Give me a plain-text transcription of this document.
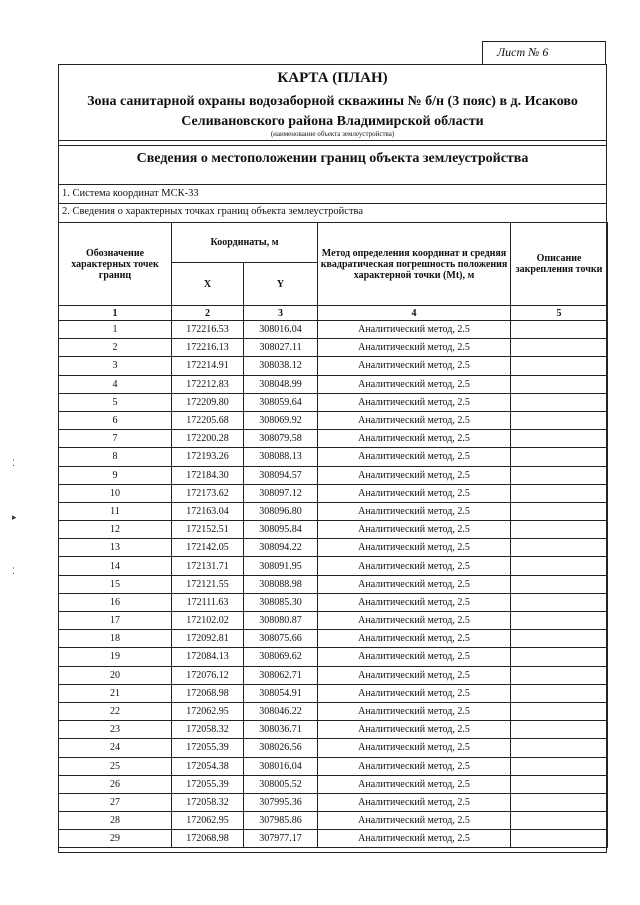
Лист № 6
КАРТА (ПЛАН)
Зона санитарной охраны водозаборной скважины № б/н (3 пояс) в д. Исаково
Селивановского района Владимирской области
(наименование объекта землеустройства)
Сведения о местоположении границ объекта землеустройства
1. Система координат МСК-33
2. Сведения о характерных точках границ объекта землеустройства
Обозначение характерных точек границ	Координаты, м		Метод определения координат и средняя квадратическая погрешность положения характерной точки (Mt), м	Описание закрепления точки
	X	Y		
1	2	3	4	5
1	172216.53	308016.04	Аналитический метод, 2.5	
2	172216.13	308027.11	Аналитический метод, 2.5	
3	172214.91	308038.12	Аналитический метод, 2.5	
4	172212.83	308048.99	Аналитический метод, 2.5	
5	172209.80	308059.64	Аналитический метод, 2.5	
6	172205.68	308069.92	Аналитический метод, 2.5	
7	172200.28	308079.58	Аналитический метод, 2.5	
8	172193.26	308088.13	Аналитический метод, 2.5	
9	172184.30	308094.57	Аналитический метод, 2.5	
10	172173.62	308097.12	Аналитический метод, 2.5	
11	172163.04	308096.80	Аналитический метод, 2.5	
12	172152.51	308095.84	Аналитический метод, 2.5	
13	172142.05	308094.22	Аналитический метод, 2.5	
14	172131.71	308091.95	Аналитический метод, 2.5	
15	172121.55	308088.98	Аналитический метод, 2.5	
16	172111.63	308085.30	Аналитический метод, 2.5	
17	172102.02	308080.87	Аналитический метод, 2.5	
18	172092.81	308075.66	Аналитический метод, 2.5	
19	172084.13	308069.62	Аналитический метод, 2.5	
20	172076.12	308062.71	Аналитический метод, 2.5	
21	172068.98	308054.91	Аналитический метод, 2.5	
22	172062.95	308046.22	Аналитический метод, 2.5	
23	172058.32	308036.71	Аналитический метод, 2.5	
24	172055.39	308026.56	Аналитический метод, 2.5	
25	172054.38	308016.04	Аналитический метод, 2.5	
26	172055.39	308005.52	Аналитический метод, 2.5	
27	172058.32	307995.36	Аналитический метод, 2.5	
28	172062.95	307985.86	Аналитический метод, 2.5	
29	172068.98	307977.17	Аналитический метод, 2.5	
⁚
▸
⁚
